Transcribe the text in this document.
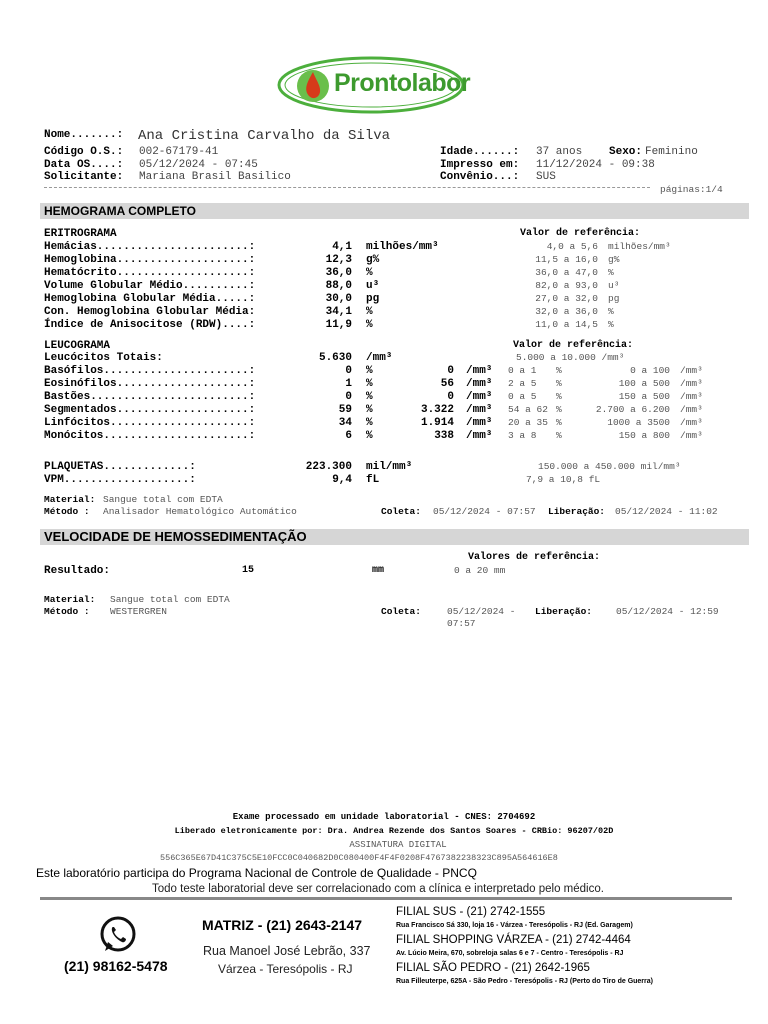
Prontolabor
Nome.......: Ana Cristina Carvalho da Silva
Código O.S.: 002-67179-41	Idade......: 37 anos Sexo: Feminino
Data OS....: 05/12/2024 - 07:45	Impresso em: 11/12/2024 - 09:38
Solicitante: Mariana Brasil Basilico	Convênio...: SUS
páginas:1/4
HEMOGRAMA COMPLETO
ERITROGRAMA	Valor de referência:
Hemácias.......................:	4,1 milhões/mm³	4,0 a 5,6 milhões/mm³
Hemoglobina....................:	12,3 g%	11,5 a 16,0 g%
Hematócrito....................:	36,0 %	36,0 a 47,0 %
Volume Globular Médio..........:	88,0 u³	82,0 a 93,0 u³
Hemoglobina Globular Média.....:	30,0 pg	27,0 a 32,0 pg
Con. Hemoglobina Globular Média:	34,1 %	32,0 a 36,0 %
Índice de Anisocitose (RDW)....:	11,9 %	11,0 a 14,5 %
LEUCOGRAMA	Valor de referência:
Leucócitos Totais:	5.630 /mm³	5.000 a 10.000 /mm³
Basófilos......................:	0 %	0 /mm³ 0 a 1 %	0 a 100 /mm³
Eosinófilos....................:	1 %	56 /mm³ 2 a 5 %	100 a 500 /mm³
Bastões........................:	0 %	0 /mm³ 0 a 5 %	150 a 500 /mm³
Segmentados....................:	59 %	3.322 /mm³ 54 a 62 %	2.700 a 6.200 /mm³
Linfócitos.....................:	34 %	1.914 /mm³ 20 a 35 %	1000 a 3500 /mm³
Monócitos......................:	6 %	338 /mm³ 3 a 8 %	150 a 800 /mm³
PLAQUETAS.............:	223.300 mil/mm³	150.000 a 450.000 mil/mm³
VPM...................:	9,4 fL	7,9 a 10,8 fL
Material: Sangue total com EDTA
Método : Analisador Hematológico Automático	Coleta: 05/12/2024 - 07:57 Liberação: 05/12/2024 - 11:02
VELOCIDADE DE HEMOSSEDIMENTAÇÃO
Valores de referência:
Resultado:	15	mm	0 a 20 mm
Material: Sangue total com EDTA
Método : WESTERGREN	Coleta:	05/12/2024 -
07:57
Liberação:	05/12/2024 - 12:59
Exame processado em unidade laboratorial - CNES: 2704692
Liberado eletronicamente por: Dra. Andrea Rezende dos Santos Soares - CRBio: 96207/02D
ASSINATURA DIGITAL
556C365E67D41C375C5E10FCC0C040682D0C080400F4F4F0208F4767382238323C895A564616E8
Este laboratório participa do Programa Nacional de Controle de Qualidade - PNCQ
Todo teste laboratorial deve ser correlacionado com a clínica e interpretado pelo médico.
(21) 98162-5478
MATRIZ - (21) 2643-2147
Rua Manoel José Lebrão, 337
Várzea - Teresópolis - RJ
FILIAL SUS - (21) 2742-1555
Rua Francisco Sá 330, loja 16 - Várzea - Teresópolis - RJ (Ed. Garagem)
FILIAL SHOPPING VÁRZEA - (21) 2742-4464
Av. Lúcio Meira, 670, sobreloja salas 6 e 7 - Centro - Teresópolis - RJ
FILIAL SÃO PEDRO - (21) 2642-1965
Rua Filleuterpe, 625A - São Pedro - Teresópolis - RJ (Perto do Tiro de Guerra)
